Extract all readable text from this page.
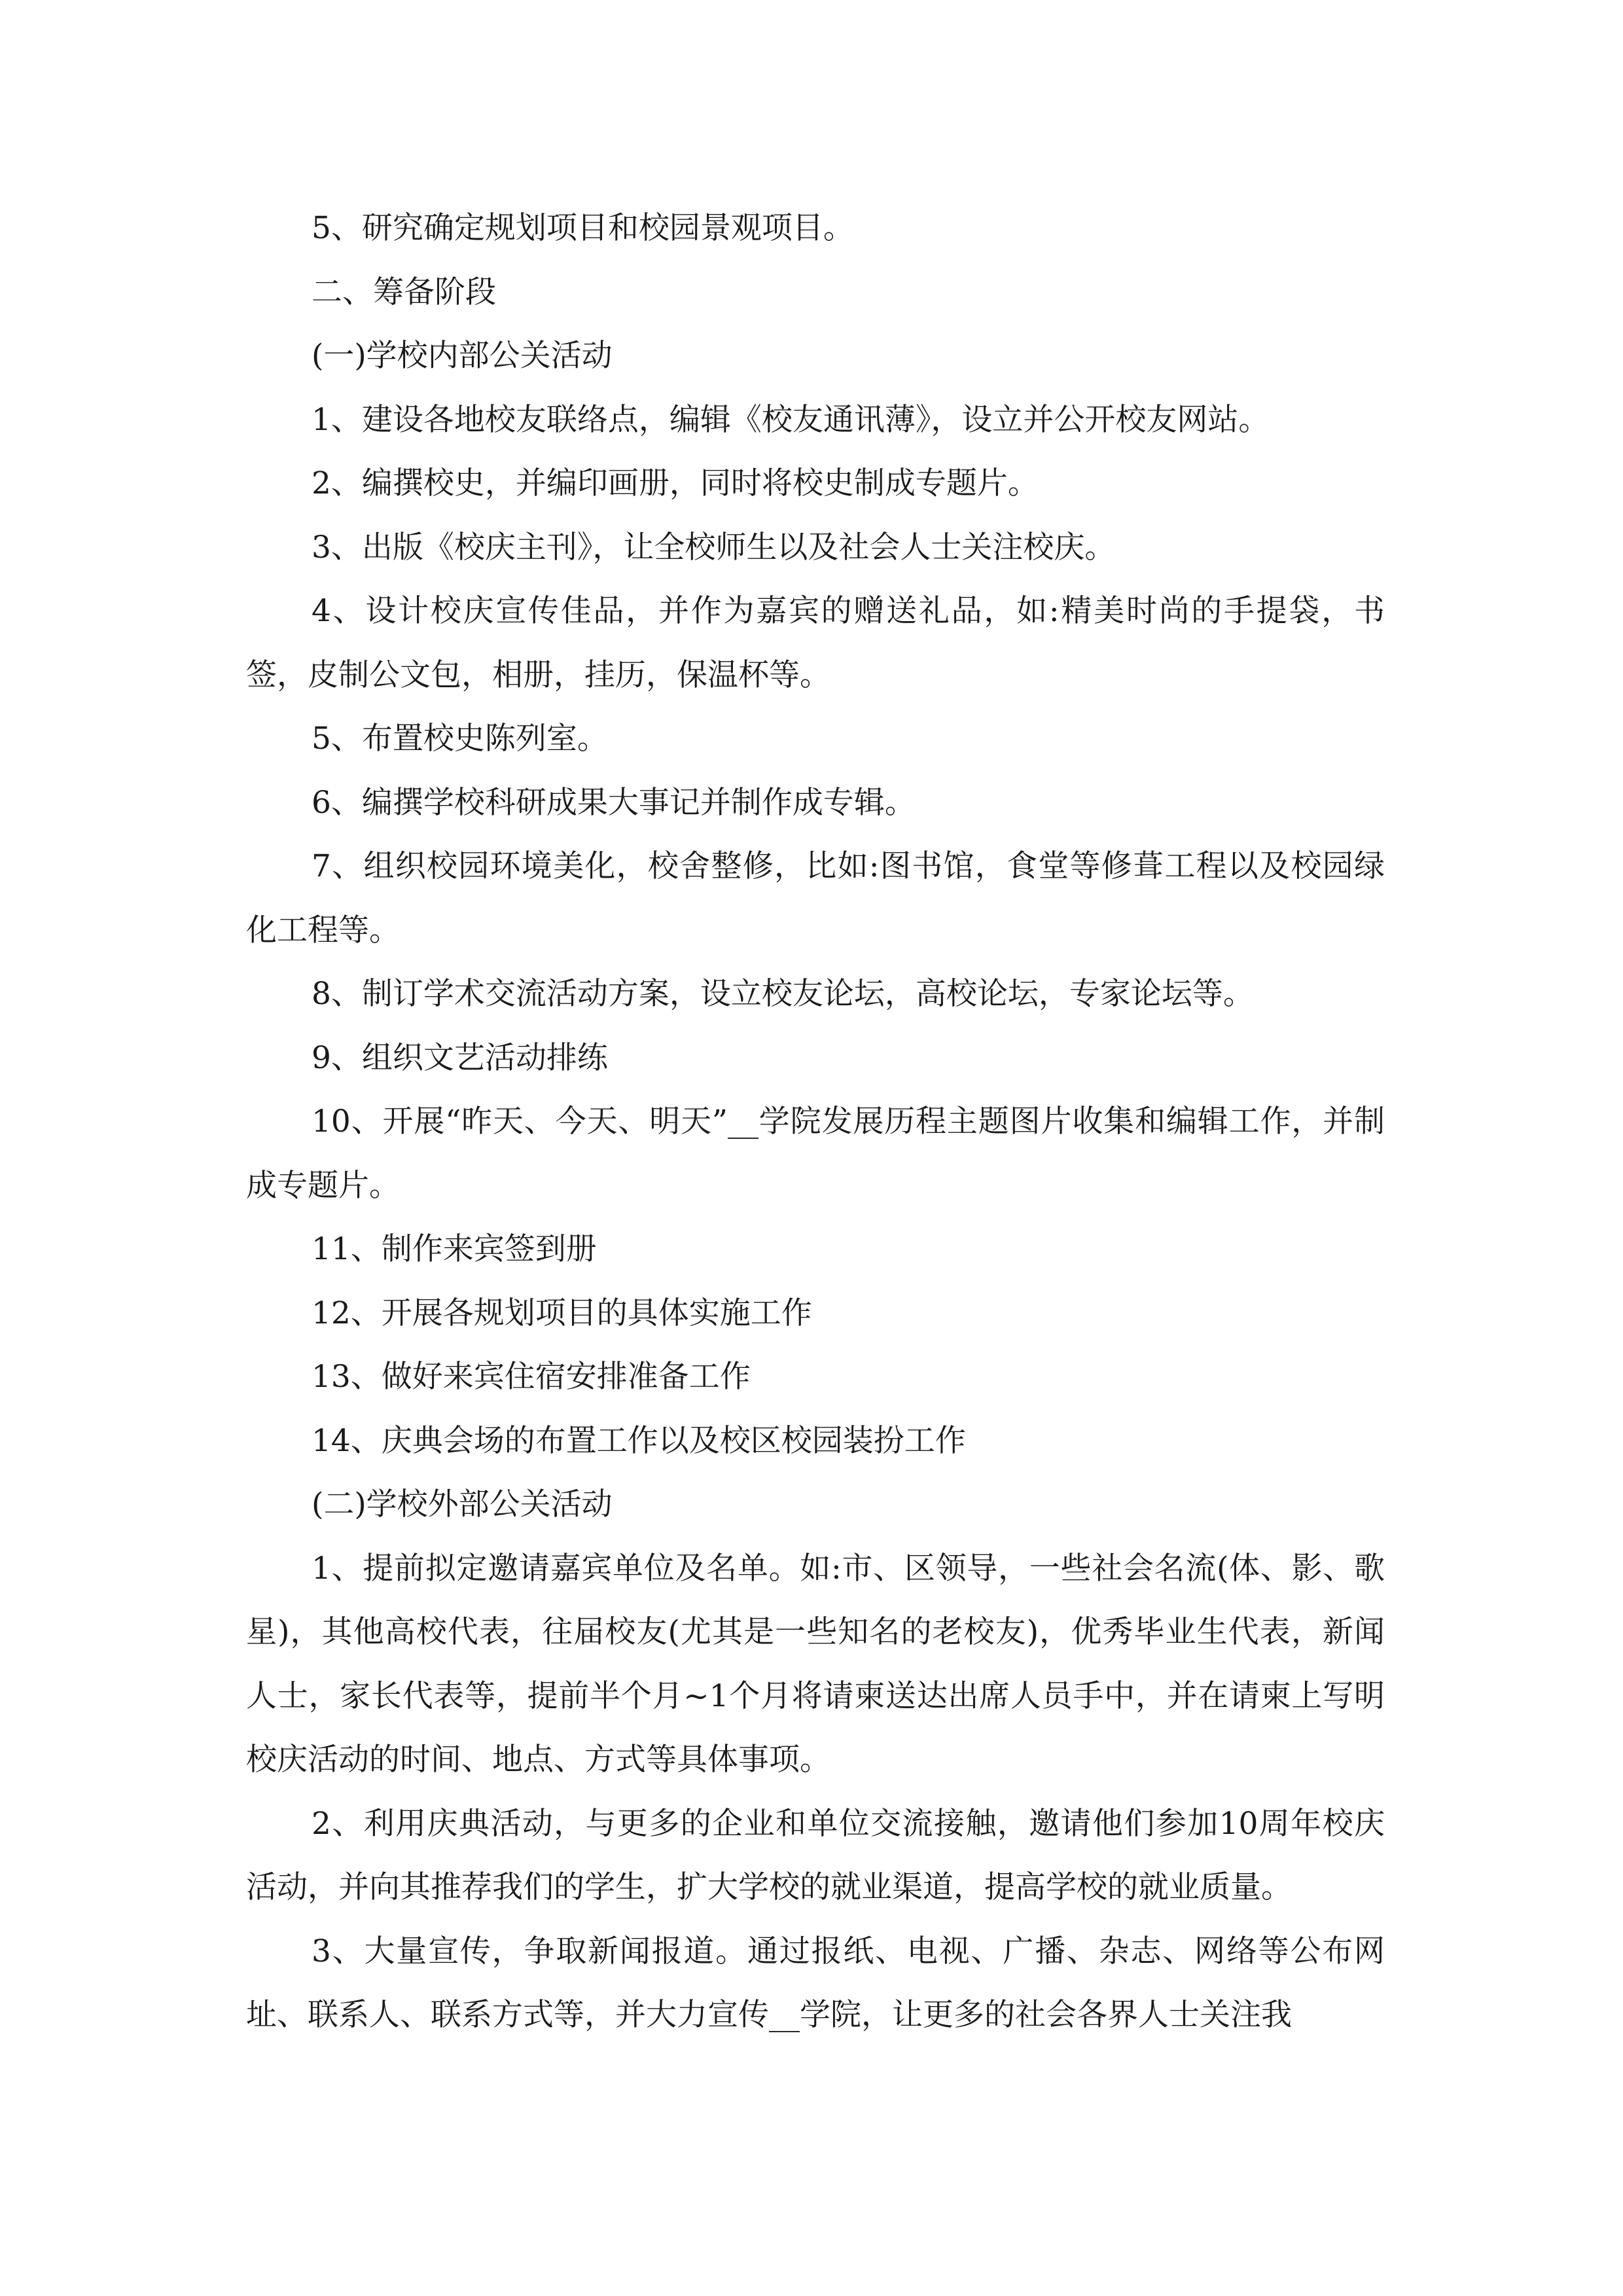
5、研究确定规划项目和校园景观项目。

二、筹备阶段

(一)学校内部公关活动

1、建设各地校友联络点，编辑《校友通讯薄》，设立并公开校友网站。

2、编撰校史，并编印画册，同时将校史制成专题片。

3、出版《校庆主刊》，让全校师生以及社会人士关注校庆。

4、设计校庆宣传佳品，并作为嘉宾的赠送礼品，如:精美时尚的手提袋，书签，皮制公文包，相册，挂历，保温杯等。

5、布置校史陈列室。

6、编撰学校科研成果大事记并制作成专辑。

7、组织校园环境美化，校舍整修，比如:图书馆，食堂等修葺工程以及校园绿化工程等。

8、制订学术交流活动方案，设立校友论坛，高校论坛，专家论坛等。

9、组织文艺活动排练

10、开展“昨天、今天、明天”__学院发展历程主题图片收集和编辑工作，并制成专题片。

11、制作来宾签到册

12、开展各规划项目的具体实施工作

13、做好来宾住宿安排准备工作

14、庆典会场的布置工作以及校区校园装扮工作

(二)学校外部公关活动

1、提前拟定邀请嘉宾单位及名单。如:市、区领导，一些社会名流(体、影、歌星)，其他高校代表，往届校友(尤其是一些知名的老校友)，优秀毕业生代表，新闻人士，家长代表等，提前半个月~1个月将请柬送达出席人员手中，并在请柬上写明校庆活动的时间、地点、方式等具体事项。

2、利用庆典活动，与更多的企业和单位交流接触，邀请他们参加10周年校庆活动，并向其推荐我们的学生，扩大学校的就业渠道，提高学校的就业质量。

3、大量宣传，争取新闻报道。通过报纸、电视、广播、杂志、网络等公布网址、联系人、联系方式等，并大力宣传__学院，让更多的社会各界人士关注我
